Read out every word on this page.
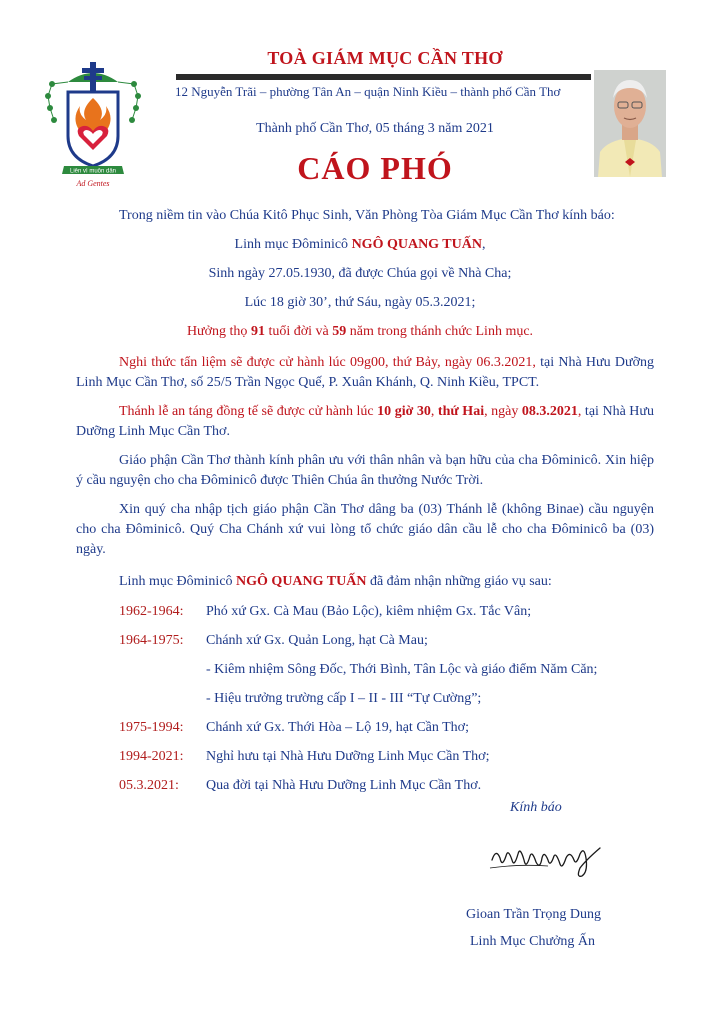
Liên vì muôn dân
Ad Gentes
TOÀ GIÁM MỤC CẦN THƠ
12 Nguyễn Trãi – phường Tân An – quận Ninh Kiều – thành phố Cần Thơ
Thành phố Cần Thơ, 05 tháng 3 năm 2021
CÁO PHÓ
Trong niềm tin vào Chúa Kitô Phục Sinh, Văn Phòng Tòa Giám Mục Cần Thơ kính báo:
Linh mục Đôminicô NGÔ QUANG TUẤN,
Sinh ngày 27.05.1930, đã được Chúa gọi về Nhà Cha;
Lúc 18 giờ 30’, thứ Sáu, ngày 05.3.2021;
Hưởng thọ 91 tuổi đời và 59 năm trong thánh chức Linh mục.
Nghi thức tẩn liệm sẽ được cử hành lúc 09g00, thứ Bảy, ngày 06.3.2021, tại Nhà Hưu Dưỡng Linh Mục Cần Thơ, số 25/5 Trần Ngọc Quế, P. Xuân Khánh, Q. Ninh Kiều, TPCT.
Thánh lễ an táng đồng tế sẽ được cử hành lúc 10 giờ 30, thứ Hai, ngày 08.3.2021, tại Nhà Hưu Dưỡng Linh Mục Cần Thơ.
Giáo phận Cần Thơ thành kính phân ưu với thân nhân và bạn hữu của cha Đôminicô. Xin hiệp ý cầu nguyện cho cha Đôminicô được Thiên Chúa ân thưởng Nước Trời.
Xin quý cha nhập tịch giáo phận Cần Thơ dâng ba (03) Thánh lễ (không Binae) cầu nguyện cho cha Đôminicô. Quý Cha Chánh xứ vui lòng tổ chức giáo dân cầu lễ cho cha Đôminicô ba (03) ngày.
Linh mục Đôminicô NGÔ QUANG TUẤN đã đảm nhận những giáo vụ sau:
1962-1964: Phó xứ Gx. Cà Mau (Bảo Lộc), kiêm nhiệm Gx. Tắc Vân;
1964-1975: Chánh xứ Gx. Quản Long, hạt Cà Mau;
- Kiêm nhiệm Sông Đốc, Thới Bình, Tân Lộc và giáo điểm Năm Căn;
- Hiệu trưởng trường cấp I – II - III “Tự Cường”;
1975-1994: Chánh xứ Gx. Thới Hòa – Lộ 19, hạt Cần Thơ;
1994-2021: Nghỉ hưu tại Nhà Hưu Dưỡng Linh Mục Cần Thơ;
05.3.2021: Qua đời tại Nhà Hưu Dưỡng Linh Mục Cần Thơ.
Kính báo
Gioan Trần Trọng Dung
Linh Mục Chưởng Ấn
